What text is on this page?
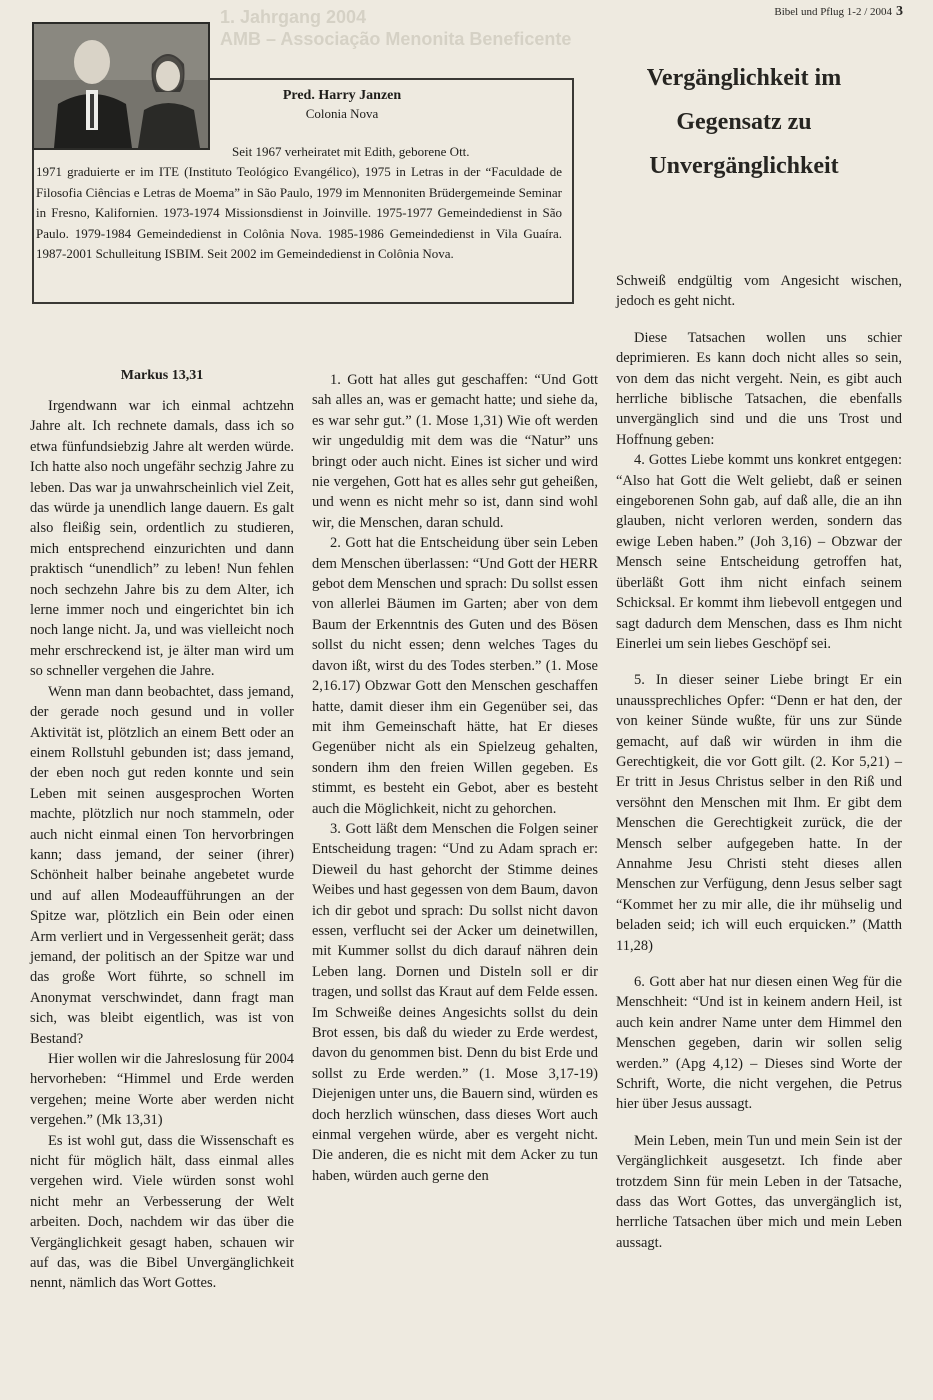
Bibel und Pflug 1-2 / 2004 3
1. Jahrgang 2004
AMB – Associação Menonita Beneficente
Pred. Harry Janzen
Colonia Nova

Seit 1967 verheiratet mit Edith, geborene Ott.
1971 graduierte er im ITE (Instituto Teológico Evangélico), 1975 in Letras in der “Faculdade de Filosofia Ciências e Letras de Moema” in São Paulo, 1979 im Mennoniten Brüdergemeinde Seminar in Fresno, Kalifornien. 1973-1974 Missionsdienst in Joinville. 1975-1977 Gemeindedienst in São Paulo. 1979-1984 Gemeindedienst in Colônia Nova. 1985-1986 Gemeindedienst in Vila Guaíra. 1987-2001 Schulleitung ISBIM. Seit 2002 im Gemeindedienst in Colônia Nova.

Vergänglichkeit im Gegensatz zu Unvergänglichkeit
Markus 13,31

Irgendwann war ich einmal achtzehn Jahre alt. Ich rechnete damals, dass ich so etwa fünfundsiebzig Jahre alt werden würde. Ich hatte also noch ungefähr sechzig Jahre zu leben. Das war ja unwahrscheinlich viel Zeit, das würde ja unendlich lange dauern. Es galt also fleißig sein, ordentlich zu studieren, mich entsprechend einzurichten und dann praktisch “unendlich” zu leben! Nun fehlen noch sechzehn Jahre bis zu dem Alter, ich lerne immer noch und eingerichtet bin ich noch lange nicht. Ja, und was vielleicht noch mehr erschreckend ist, je älter man wird um so schneller vergehen die Jahre.

Wenn man dann beobachtet, dass jemand, der gerade noch gesund und in voller Aktivität ist, plötzlich an einem Bett oder an einem Rollstuhl gebunden ist; dass jemand, der eben noch gut reden konnte und sein Leben mit seinen ausgesprochen Worten machte, plötzlich nur noch stammeln, oder auch nicht einmal einen Ton hervorbringen kann; dass jemand, der seiner (ihrer) Schönheit halber beinahe angebetet wurde und auf allen Modeaufführungen an der Spitze war, plötzlich ein Bein oder einen Arm verliert und in Vergessenheit gerät; dass jemand, der politisch an der Spitze war und das große Wort führte, so schnell im Anonymat verschwindet, dann fragt man sich, was bleibt eigentlich, was ist von Bestand?

Hier wollen wir die Jahreslosung für 2004 hervorheben: “Himmel und Erde werden vergehen; meine Worte aber werden nicht vergehen.” (Mk 13,31)

Es ist wohl gut, dass die Wissenschaft es nicht für möglich hält, dass einmal alles vergehen wird. Viele würden sonst wohl nicht mehr an Verbesserung der Welt arbeiten. Doch, nachdem wir das über die Vergänglichkeit gesagt haben, schauen wir auf das, was die Bibel Unvergänglichkeit nennt, nämlich das Wort Gottes.

1. Gott hat alles gut geschaffen: “Und Gott sah alles an, was er gemacht hatte; und siehe da, es war sehr gut.” (1. Mose 1,31) Wie oft werden wir ungeduldig mit dem was die “Natur” uns bringt oder auch nicht. Eines ist sicher und wird nie vergehen, Gott hat es alles sehr gut geheißen, und wenn es nicht mehr so ist, dann sind wohl wir, die Menschen, daran schuld.

2. Gott hat die Entscheidung über sein Leben dem Menschen überlassen: “Und Gott der HERR gebot dem Menschen und sprach: Du sollst essen von allerlei Bäumen im Garten; aber von dem Baum der Erkenntnis des Guten und des Bösen sollst du nicht essen; denn welches Tages du davon ißt, wirst du des Todes sterben.” (1. Mose 2,16.17) Obzwar Gott den Menschen geschaffen hatte, damit dieser ihm ein Gegenüber sei, das mit ihm Gemeinschaft hätte, hat Er dieses Gegenüber nicht als ein Spielzeug gehalten, sondern ihm den freien Willen gegeben. Es stimmt, es besteht ein Gebot, aber es besteht auch die Möglichkeit, nicht zu gehorchen.

3. Gott läßt dem Menschen die Folgen seiner Entscheidung tragen: “Und zu Adam sprach er: Dieweil du hast gehorcht der Stimme deines Weibes und hast gegessen von dem Baum, davon ich dir gebot und sprach: Du sollst nicht davon essen, verflucht sei der Acker um deinetwillen, mit Kummer sollst du dich darauf nähren dein Leben lang. Dornen und Disteln soll er dir tragen, und sollst das Kraut auf dem Felde essen. Im Schweiße deines Angesichts sollst du dein Brot essen, bis daß du wieder zu Erde werdest, davon du genommen bist. Denn du bist Erde und sollst zu Erde werden.” (1. Mose 3,17-19) Diejenigen unter uns, die Bauern sind, würden es doch herzlich wünschen, dass dieses Wort auch einmal vergehen würde, aber es vergeht nicht. Die anderen, die es nicht mit dem Acker zu tun haben, würden auch gerne den

Schweiß endgültig vom Angesicht wischen, jedoch es geht nicht.

Diese Tatsachen wollen uns schier deprimieren. Es kann doch nicht alles so sein, von dem das nicht vergeht. Nein, es gibt auch herrliche biblische Tatsachen, die ebenfalls unvergänglich sind und die uns Trost und Hoffnung geben:

4. Gottes Liebe kommt uns konkret entgegen: “Also hat Gott die Welt geliebt, daß er seinen eingeborenen Sohn gab, auf daß alle, die an ihn glauben, nicht verloren werden, sondern das ewige Leben haben.” (Joh 3,16) – Obzwar der Mensch seine Entscheidung getroffen hat, überläßt Gott ihm nicht einfach seinem Schicksal. Er kommt ihm liebevoll entgegen und sagt dadurch dem Menschen, dass es Ihm nicht Einerlei um sein liebes Geschöpf sei.

5. In dieser seiner Liebe bringt Er ein unaussprechliches Opfer: “Denn er hat den, der von keiner Sünde wußte, für uns zur Sünde gemacht, auf daß wir würden in ihm die Gerechtigkeit, die vor Gott gilt. (2. Kor 5,21) – Er tritt in Jesus Christus selber in den Riß und versöhnt den Menschen mit Ihm. Er gibt dem Menschen die Gerechtigkeit zurück, die der Mensch selber aufgegeben hatte. In der Annahme Jesu Christi steht dieses allen Menschen zur Verfügung, denn Jesus selber sagt “Kommet her zu mir alle, die ihr mühselig und beladen seid; ich will euch erquicken.” (Matth 11,28)

6. Gott aber hat nur diesen einen Weg für die Menschheit: “Und ist in keinem andern Heil, ist auch kein andrer Name unter dem Himmel den Menschen gegeben, darin wir sollen selig werden.” (Apg 4,12) – Dieses sind Worte der Schrift, Worte, die nicht vergehen, die Petrus hier über Jesus aussagt.

Mein Leben, mein Tun und mein Sein ist der Vergänglichkeit ausgesetzt. Ich finde aber trotzdem Sinn für mein Leben in der Tatsache, dass das Wort Gottes, das unvergänglich ist, herrliche Tatsachen über mich und mein Leben aussagt.
